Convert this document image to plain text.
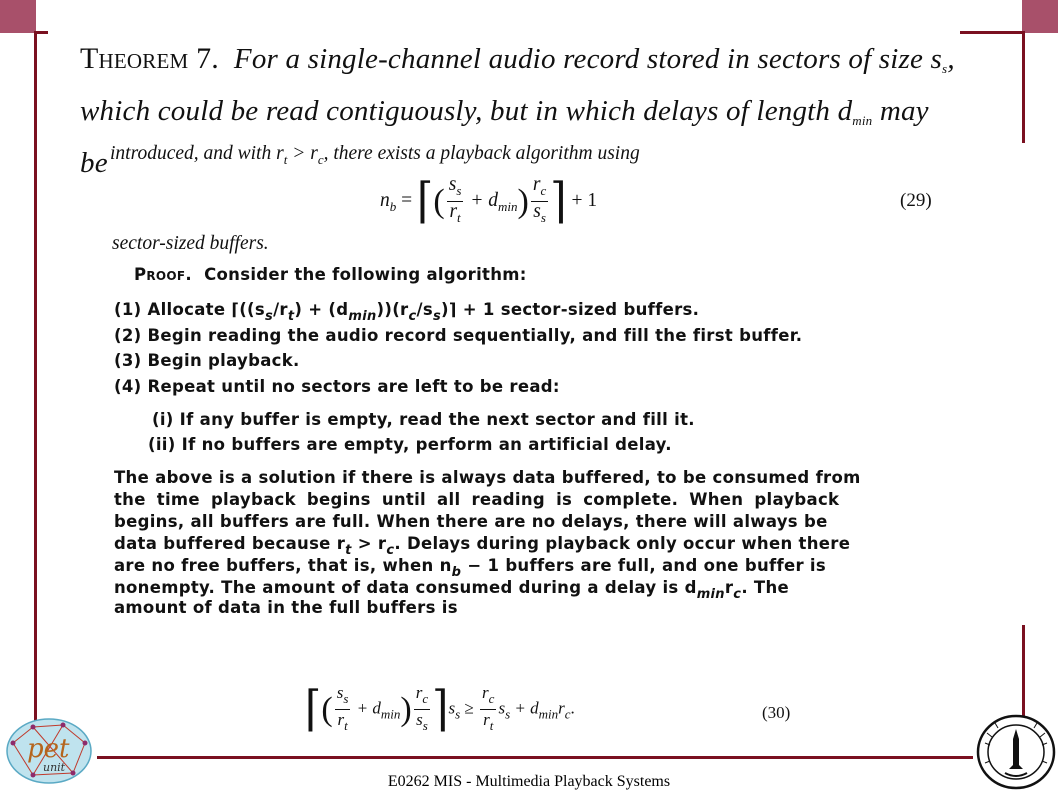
Theorem 7. For a single-channel audio record stored in sectors of size $s_s$,
which could be read contiguously, but in which delays of length $d_{min}$ may be introduced, and with $r_t > r_c$, there exists a playback algorithm using
$n_b$ = ⌈( $\frac{s_s}{r_t} + d_{min}) \frac{r_c}{s_s}$ ⌉ + 1	(29)
sector-sized buffers.
Proof. Consider the following algorithm:
(1) Allocate $⌈((s_s/r_t)$ + $(d_{min}))(r_c/s_s)⌉ + 1$ sector-sized buffers.
(2) Begin reading the audio record sequentially, and fill the first buffer.
(3) Begin playback.
(4) Repeat until no sectors are left to be read:
(i) If any buffer is empty, read the next sector and fill it.
(ii) If no buffers are empty, perform an artificial delay.
The above is a solution if there is always data buffered, to be consumed from
the time playback begins until all reading is complete. When playback
begins, all buffers are full. When there are no delays, there will always be
data buffered because $r_t > r_c$. Delays during playback only occur when there
are no free buffers, that is, when $n_b - 1$ buffers are full, and one buffer is
nonempty. The amount of data consumed during a delay is $d_{min}r_c$. The
amount of data in the full buffers is
⌈( $\frac{s_s}{r_t} + d_{min}) \frac{r_c}{s_s}$ $⌉s_s \ge \frac{r_c}{r_t} s_s + d_{min}r_c$.	(30)
pet
unit
E0262 MIS - Multimedia Playback Systems
